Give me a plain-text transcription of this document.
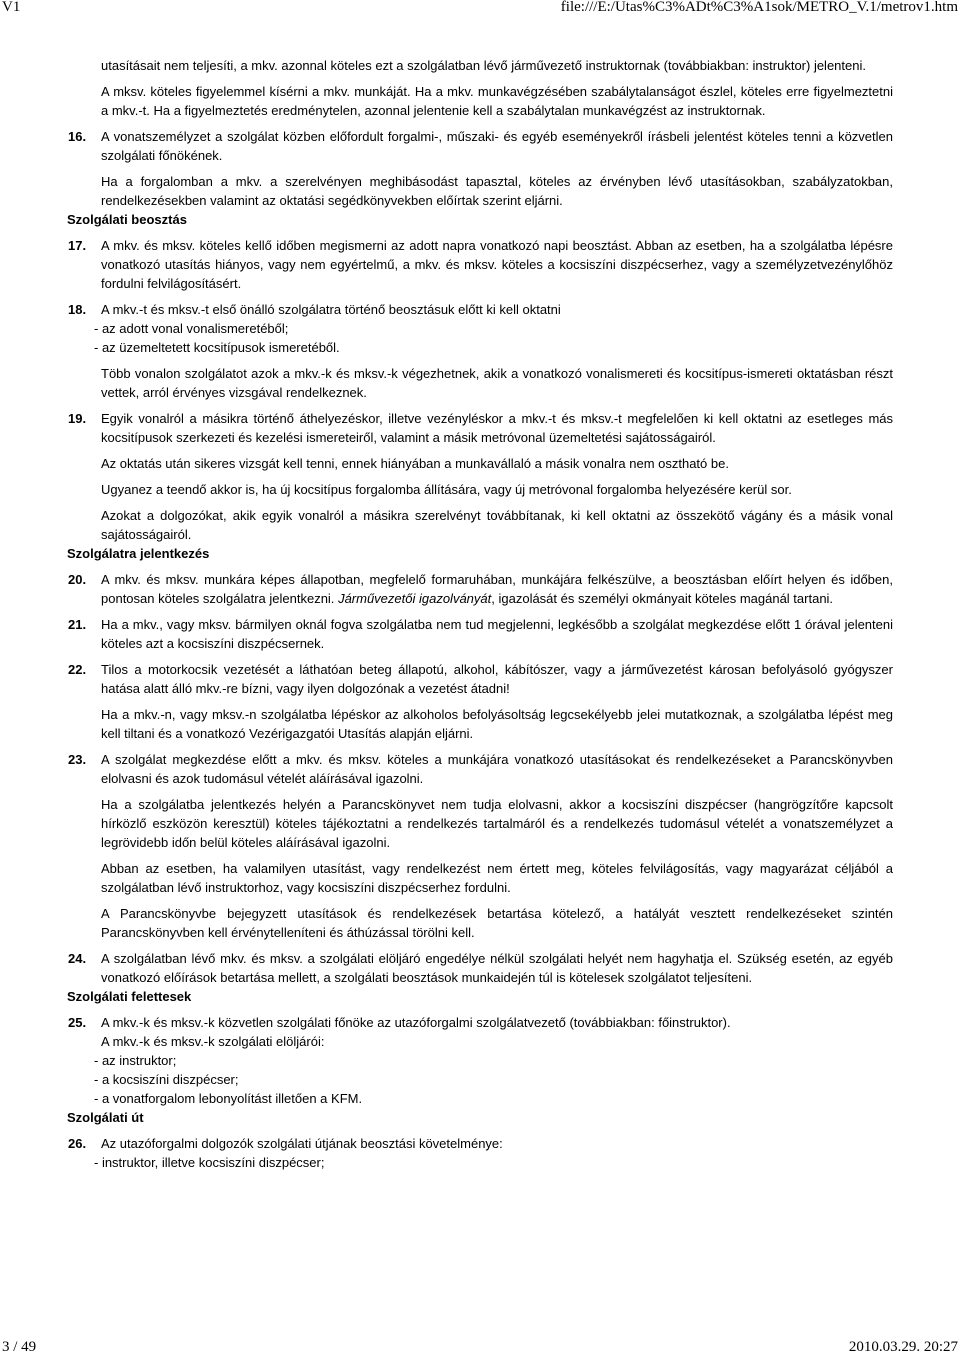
V1	file:///E:/Utas%C3%ADt%C3%A1sok/METRO_V.1/metrov1.htm

utasításait nem teljesíti, a mkv. azonnal köteles ezt a szolgálatban lévő járművezető instruktornak (továbbiakban: instruktor) jelenteni.

A mksv. köteles figyelemmel kísérni a mkv. munkáját. Ha a mkv. munkavégzésében szabálytalanságot észlel, köteles erre figyelmeztetni a mkv.-t. Ha a figyelmeztetés eredménytelen, azonnal jelentenie kell a szabálytalan munkavégzést az instruktornak.

16. A vonatszemélyzet a szolgálat közben előfordult forgalmi-, műszaki- és egyéb eseményekről írásbeli jelentést köteles tenni a közvetlen szolgálati főnökének.

Ha a forgalomban a mkv. a szerelvényen meghibásodást tapasztal, köteles az érvényben lévő utasításokban, szabályzatokban, rendelkezésekben valamint az oktatási segédkönyvekben előírtak szerint eljárni.

Szolgálati beosztás

17. A mkv. és mksv. köteles kellő időben megismerni az adott napra vonatkozó napi beosztást. Abban az esetben, ha a szolgálatba lépésre vonatkozó utasítás hiányos, vagy nem egyértelmű, a mkv. és mksv. köteles a kocsiszíni diszpécserhez, vagy a személyzetvezénylőhöz fordulni felvilágosításért.

18.	A mkv.-t és mksv.-t első önálló szolgálatra történő beosztásuk előtt ki kell oktatni

- az adott vonal vonalismeretéből;

- az üzemeltetett kocsitípusok ismeretéből.

Több vonalon szolgálatot azok a mkv.-k és mksv.-k végezhetnek, akik a vonatkozó vonalismereti és kocsitípus-ismereti oktatásban részt vettek, arról érvényes vizsgával rendelkeznek.

19. Egyik vonalról a másikra történő áthelyezéskor, illetve vezényléskor a mkv.-t és mksv.-t megfelelően ki kell oktatni az esetleges más kocsitípusok szerkezeti és kezelési ismereteiről, valamint a másik metróvonal üzemeltetési sajátosságairól.

Az oktatás után sikeres vizsgát kell tenni, ennek hiányában a munkavállaló a másik vonalra nem osztható be.

Ugyanez a teendő akkor is, ha új kocsitípus forgalomba állítására, vagy új metróvonal forgalomba helyezésére kerül sor.

Azokat a dolgozókat, akik egyik vonalról a másikra szerelvényt továbbítanak, ki kell oktatni az összekötő vágány és a másik vonal sajátosságairól.

Szolgálatra jelentkezés

20. A mkv. és mksv. munkára képes állapotban, megfelelő formaruhában, munkájára felkészülve, a beosztásban előírt helyen és időben, pontosan köteles szolgálatra jelentkezni. Járművezetői igazolványát, igazolását és személyi okmányait köteles magánál tartani.

21. Ha a mkv., vagy mksv. bármilyen oknál fogva szolgálatba nem tud megjelenni, legkésőbb a szolgálat megkezdése előtt 1 órával jelenteni köteles azt a kocsiszíni diszpécsernek.

22. Tilos a motorkocsik vezetését a láthatóan beteg állapotú, alkohol, kábítószer, vagy a járművezetést károsan befolyásoló gyógyszer hatása alatt álló mkv.-re bízni, vagy ilyen dolgozónak a vezetést átadni!

Ha a mkv.-n, vagy mksv.-n szolgálatba lépéskor az alkoholos befolyásoltság legcsekélyebb jelei mutatkoznak, a szolgálatba lépést meg kell tiltani és a vonatkozó Vezérigazgatói Utasítás alapján eljárni.

23. A szolgálat megkezdése előtt a mkv. és mksv. köteles a munkájára vonatkozó utasításokat és rendelkezéseket a Parancskönyvben elolvasni és azok tudomásul vételét aláírásával igazolni.

Ha a szolgálatba jelentkezés helyén a Parancskönyvet nem tudja elolvasni, akkor a kocsiszíni diszpécser (hangrögzítőre kapcsolt hírközlő eszközön keresztül) köteles tájékoztatni a rendelkezés tartalmáról és a rendelkezés tudomásul vételét a vonatszemélyzet a legrövidebb időn belül köteles aláírásával igazolni.

Abban az esetben, ha valamilyen utasítást, vagy rendelkezést nem értett meg, köteles felvilágosítás, vagy magyarázat céljából a szolgálatban lévő instruktorhoz, vagy kocsiszíni diszpécserhez fordulni.

A Parancskönyvbe bejegyzett utasítások és rendelkezések betartása kötelező, a hatályát vesztett rendelkezéseket szintén Parancskönyvben kell érvénytelleníteni és áthúzással törölni kell.

24. A szolgálatban lévő mkv. és mksv. a szolgálati elöljáró engedélye nélkül szolgálati helyét nem hagyhatja el. Szükség esetén, az egyéb vonatkozó előírások betartása mellett, a szolgálati beosztások munkaidején túl is kötelesek szolgálatot teljesíteni.

Szolgálati felettesek

25.	A mkv.-k és mksv.-k közvetlen szolgálati főnöke az utazóforgalmi szolgálatvezető (továbbiakban: főinstruktor).

A mkv.-k és mksv.-k szolgálati elöljárói:

- az instruktor;

- a kocsiszíni diszpécser;

- a vonatforgalom lebonyolítást illetően a KFM.

Szolgálati út

26.	Az utazóforgalmi dolgozók szolgálati útjának beosztási követelménye:

- instruktor, illetve kocsiszíni diszpécser;

3 / 49	2010.03.29. 20:27
